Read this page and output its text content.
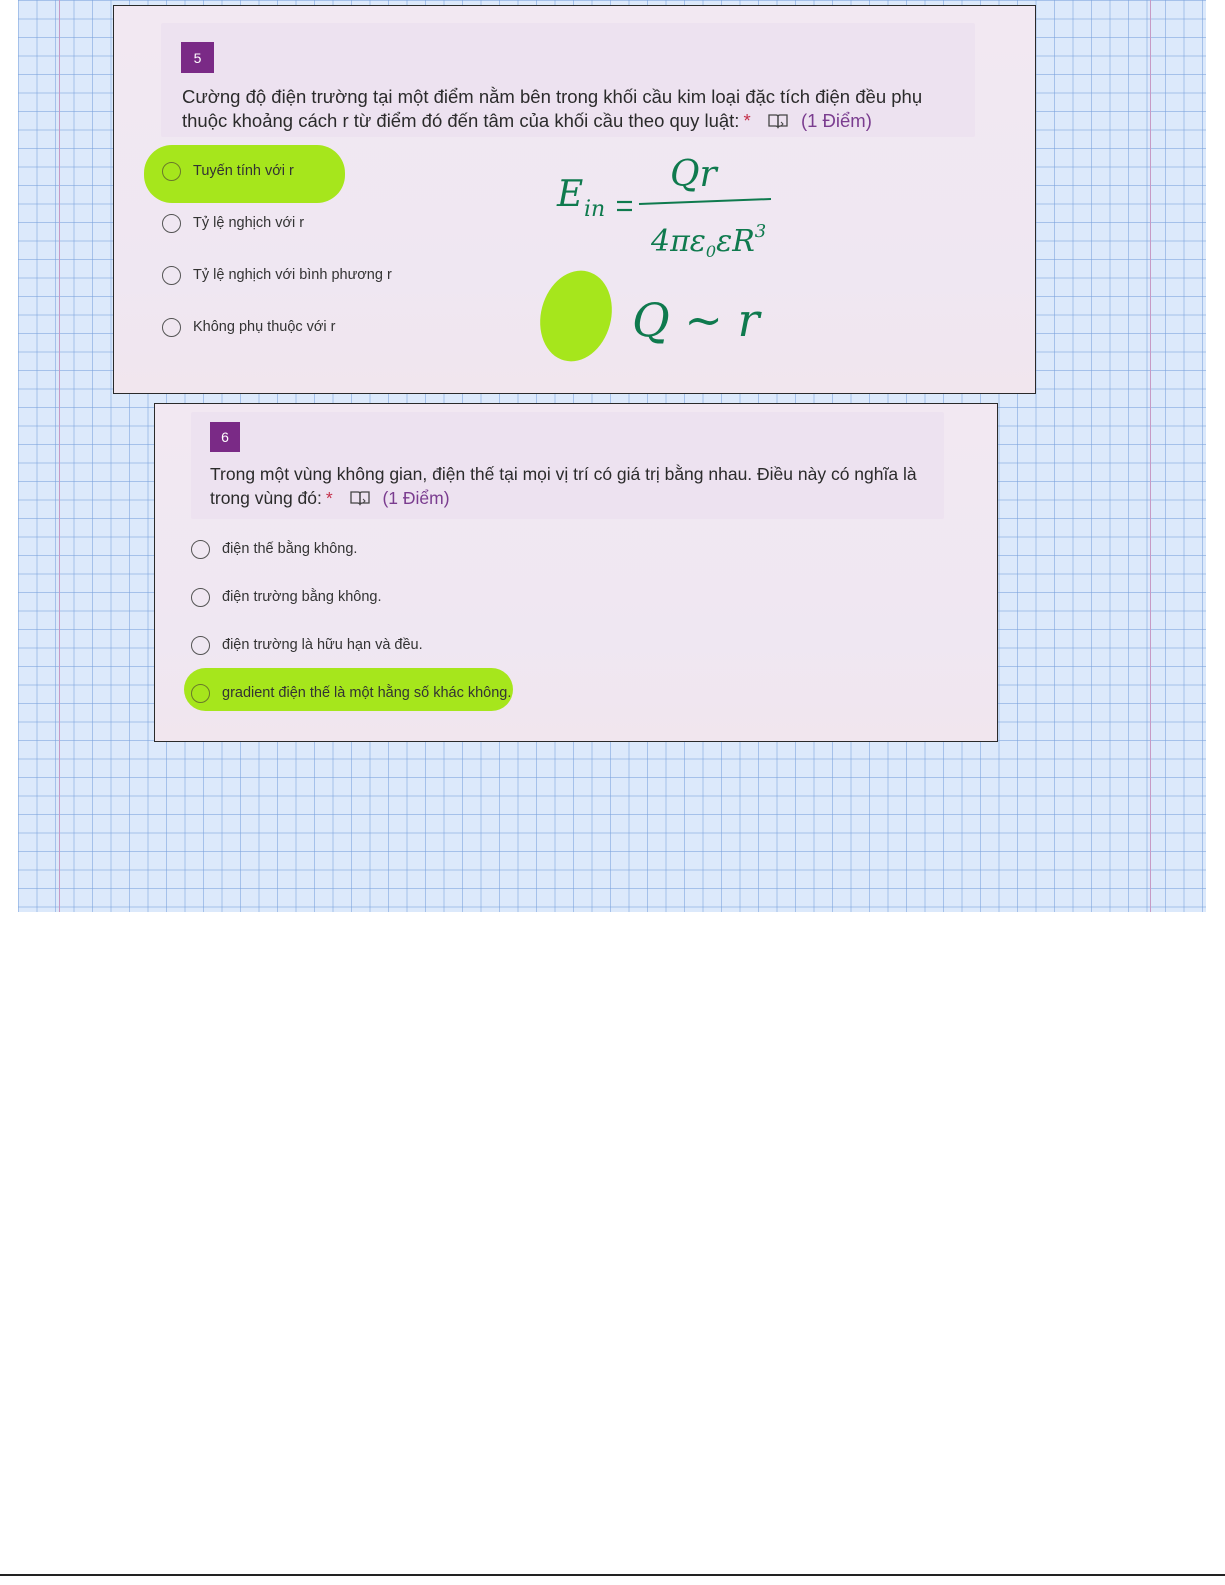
5
Cường độ điện trường tại một điểm nằm bên trong khối cầu kim loại đặc tích điện đều phụ thuộc khoảng cách r từ điểm đó đến tâm của khối cầu theo quy luật: *	(1 Điểm)
Tuyến tính với r
Tỷ lệ nghịch với r
Tỷ lệ nghịch với bình phương r
Không phụ thuộc với r
E in
Qr
$4\pi\varepsilon_0\varepsilon R^3$
Q ~ r
6
Trong một vùng không gian, điện thế tại mọi vị trí có giá trị bằng nhau. Điều này có nghĩa là trong vùng đó: *	(1 Điểm)
điện thế bằng không.
điện trường bằng không.
điện trường là hữu hạn và đều.
gradient điện thế là một hằng số khác không.
